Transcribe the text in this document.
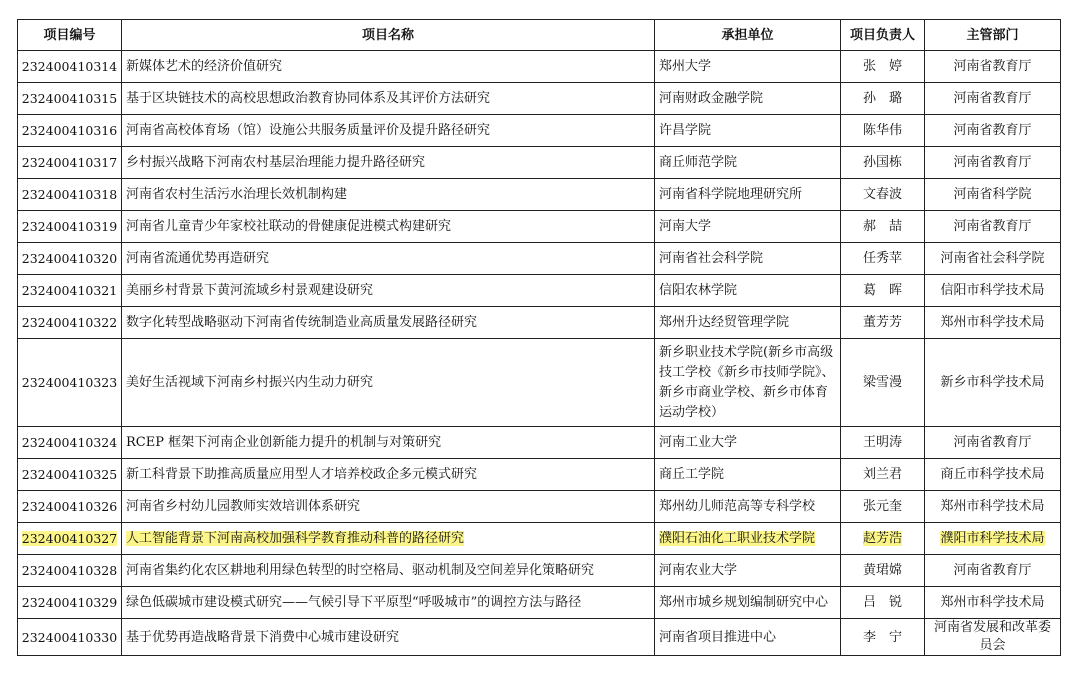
项目编号	项目名称	承担单位	项目负责人	主管部门
232400410314	新媒体艺术的经济价值研究	郑州大学	张　婷	河南省教育厅
232400410315	基于区块链技术的高校思想政治教育协同体系及其评价方法研究	河南财政金融学院	孙　璐	河南省教育厅
232400410316	河南省高校体育场（馆）设施公共服务质量评价及提升路径研究	许昌学院	陈华伟	河南省教育厅
232400410317	乡村振兴战略下河南农村基层治理能力提升路径研究	商丘师范学院	孙国栋	河南省教育厅
232400410318	河南省农村生活污水治理长效机制构建	河南省科学院地理研究所	文春波	河南省科学院
232400410319	河南省儿童青少年家校社联动的骨健康促进模式构建研究	河南大学	郝　喆	河南省教育厅
232400410320	河南省流通优势再造研究	河南省社会科学院	任秀苹	河南省社会科学院
232400410321	美丽乡村背景下黄河流域乡村景观建设研究	信阳农林学院	葛　晖	信阳市科学技术局
232400410322	数字化转型战略驱动下河南省传统制造业高质量发展路径研究	郑州升达经贸管理学院	董芳芳	郑州市科学技术局
232400410323	美好生活视域下河南乡村振兴内生动力研究	新乡职业技术学院(新乡市高级技工学校《新乡市技师学院》、新乡市商业学校、新乡市体育运动学校）	梁雪漫	新乡市科学技术局
232400410324	RCEP 框架下河南企业创新能力提升的机制与对策研究	河南工业大学	王明涛	河南省教育厅
232400410325	新工科背景下助推高质量应用型人才培养校政企多元模式研究	商丘工学院	刘兰君	商丘市科学技术局
232400410326	河南省乡村幼儿园教师实效培训体系研究	郑州幼儿师范高等专科学校	张元奎	郑州市科学技术局
232400410327	人工智能背景下河南高校加强科学教育推动科普的路径研究	濮阳石油化工职业技术学院	赵芳浩	濮阳市科学技术局
232400410328	河南省集约化农区耕地利用绿色转型的时空格局、驱动机制及空间差异化策略研究	河南农业大学	黄珺嫦	河南省教育厅
232400410329	绿色低碳城市建设模式研究——气候引导下平原型“呼吸城市”的调控方法与路径	郑州市城乡规划编制研究中心	吕　锐	郑州市科学技术局
232400410330	基于优势再造战略背景下消费中心城市建设研究	河南省项目推进中心	李　宁	河南省发展和改革委员会
